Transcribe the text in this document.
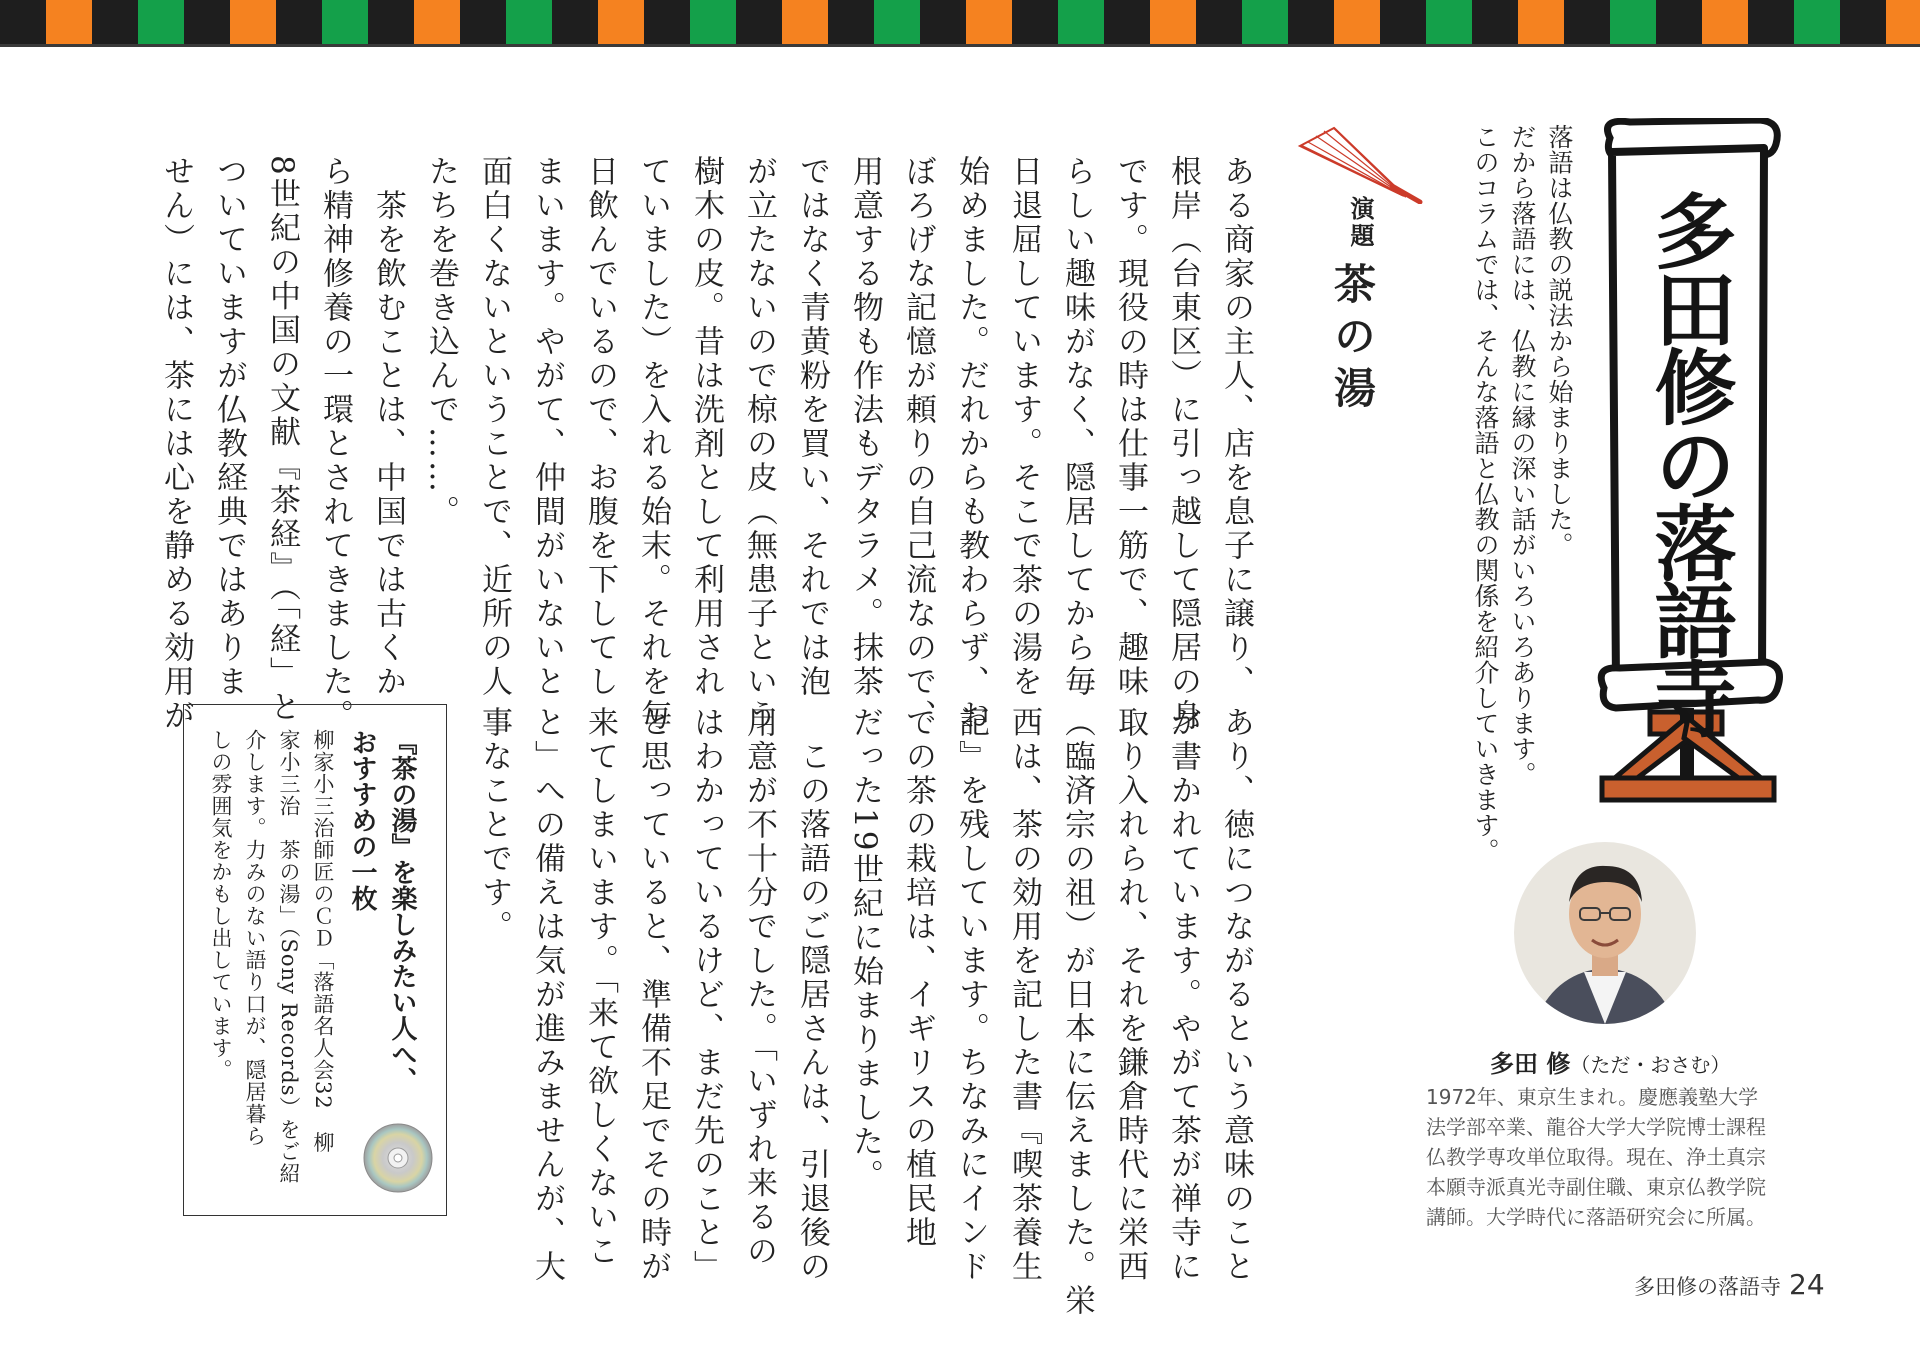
落語は仏教の説法から始まりました。

だから落語には、仏教に縁の深い話がいろいろあります。

このコラムでは、そんな落語と仏教の関係を紹介していきます。 多田修の落語寺
演題
茶の湯

ある商家の主人、店を息子に譲り、

根岸（台東区）に引っ越して隠居の身

です。現役の時は仕事一筋で、趣味

らしい趣味がなく、隠居してから毎

日退屈しています。そこで茶の湯を

始めました。だれからも教わらず、お

ぼろげな記憶が頼りの自己流なので、

用意する物も作法もデタラメ。抹茶

ではなく青黄粉を買い、それでは泡

が立たないので椋の皮（無患子という

樹木の皮。昔は洗剤として利用され

ていました）を入れる始末。それを毎

日飲んでいるので、お腹を下してし

まいます。やがて、仲間がいないと

面白くないということで、近所の人

たちを巻き込んで……。

　茶を飲むことは、中国では古くか

ら精神修養の一環とされてきました。

8世紀の中国の文献『茶経』（「経」と

ついていますが仏教経典ではありま

せん）には、茶には心を静める効用が

あり、徳につながるという意味のこと

が書かれています。やがて茶が禅寺に

取り入れられ、それを鎌倉時代に栄西

（臨済宗の祖）が日本に伝えました。栄

西は、茶の効用を記した書『喫茶養生

記』を残しています。ちなみにインド

での茶の栽培は、イギリスの植民地

だった19世紀に始まりました。

　この落語のご隠居さんは、引退後の

用意が不十分でした。「いずれ来るの

はわかっているけど、まだ先のこと」

と思っていると、準備不足でその時が

来てしまいます。「来て欲しくないこ

と」への備えは気が進みませんが、大

事なことです。

『茶の湯』を楽しみたい人へ、

おすすめの一枚

柳家小三治師匠のＣＤ「落語名人会32　柳

家小三治　茶の湯」（Sony Records）をご紹

介します。力みのない語り口が、隠居暮ら

しの雰囲気をかもし出しています。	多田 修（ただ・おさむ）

1972年、東京生まれ。慶應義塾大学

法学部卒業、龍谷大学大学院博士課程

仏教学専攻単位取得。現在、浄土真宗

本願寺派真光寺副住職、東京仏教学院

講師。大学時代に落語研究会に所属。

多田修の落語寺 24
